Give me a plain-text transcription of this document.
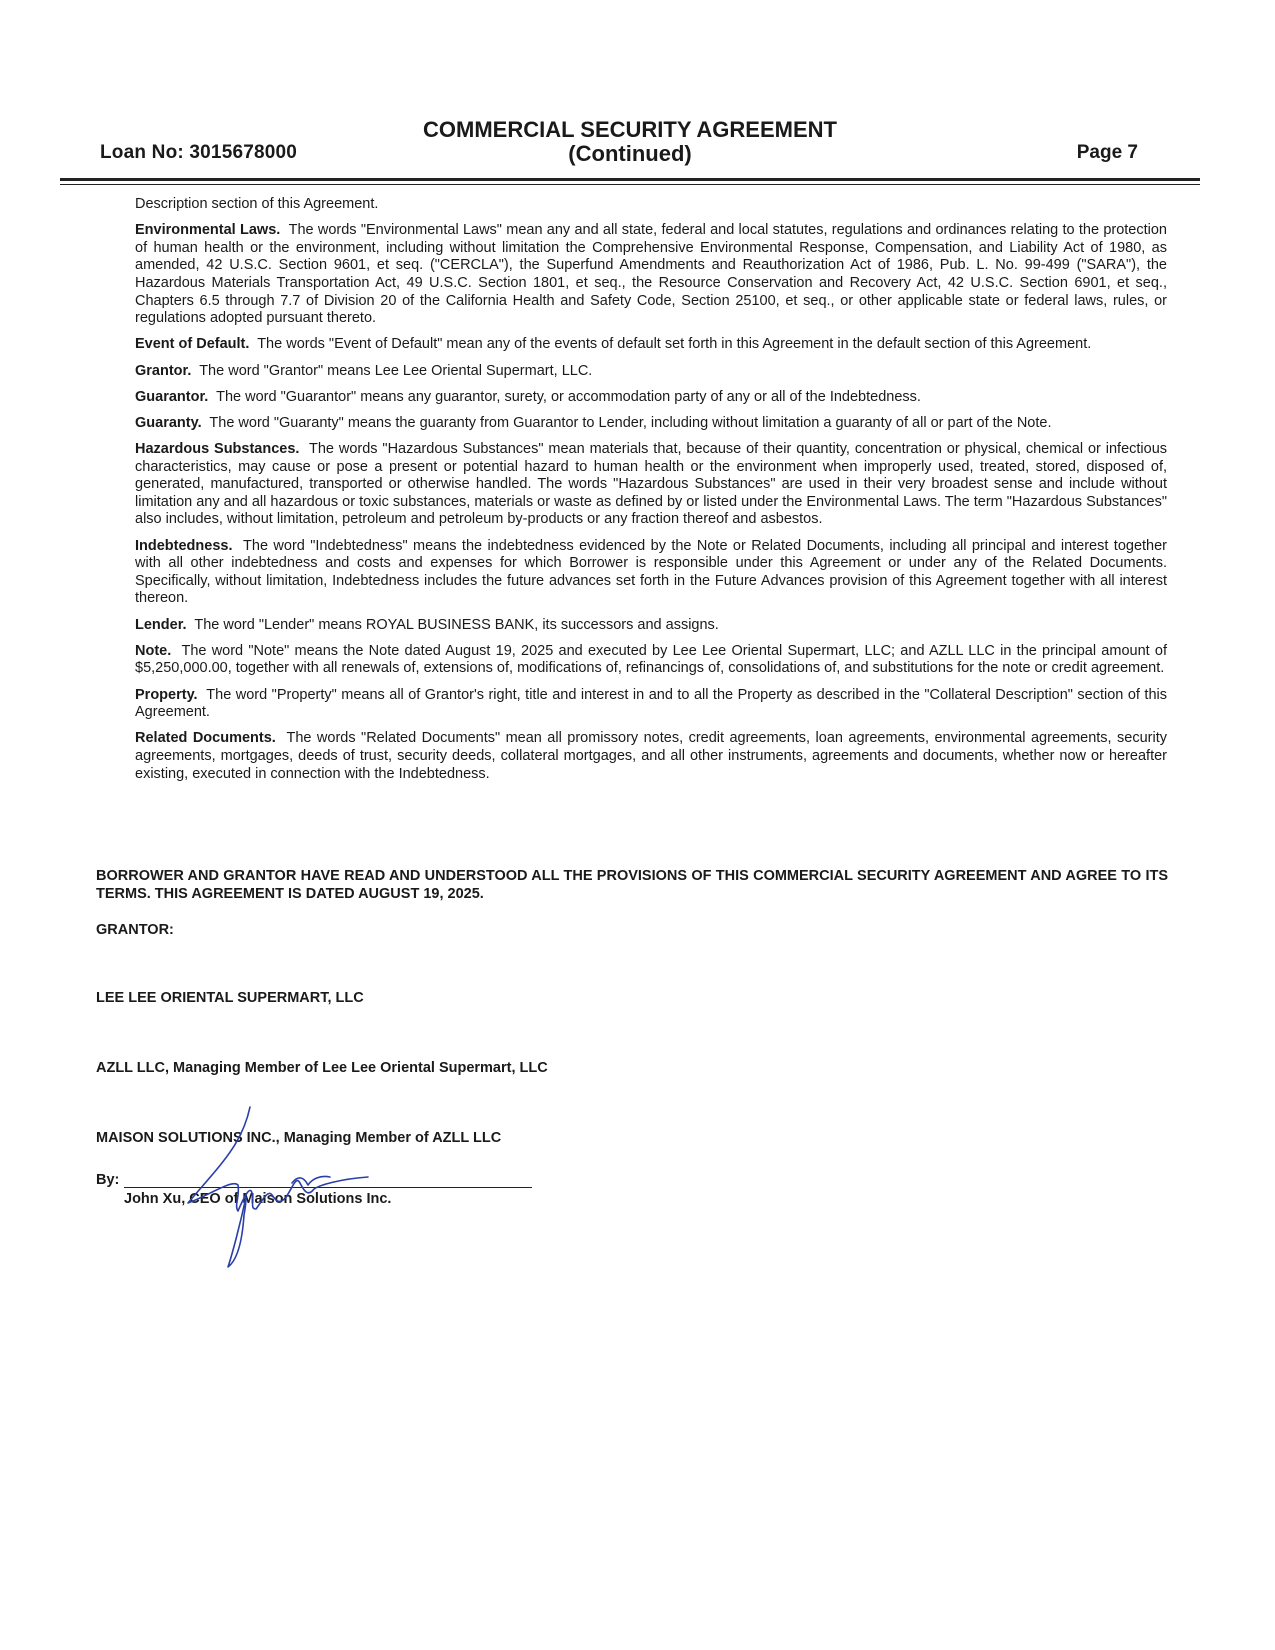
Loan No: 3015678000
COMMERCIAL SECURITY AGREEMENT
(Continued)	Page 7

Description section of this Agreement.

Environmental Laws. The words "Environmental Laws" mean any and all state, federal and local statutes, regulations and ordinances relating to the protection of human health or the environment, including without limitation the Comprehensive Environmental Response, Compensation, and Liability Act of 1980, as amended, 42 U.S.C. Section 9601, et seq. ("CERCLA"), the Superfund Amendments and Reauthorization Act of 1986, Pub. L. No. 99-499 ("SARA"), the Hazardous Materials Transportation Act, 49 U.S.C. Section 1801, et seq., the Resource Conservation and Recovery Act, 42 U.S.C. Section 6901, et seq., Chapters 6.5 through 7.7 of Division 20 of the California Health and Safety Code, Section 25100, et seq., or other applicable state or federal laws, rules, or regulations adopted pursuant thereto.

Event of Default. The words "Event of Default" mean any of the events of default set forth in this Agreement in the default section of this Agreement.

Grantor. The word "Grantor" means Lee Lee Oriental Supermart, LLC.

Guarantor. The word "Guarantor" means any guarantor, surety, or accommodation party of any or all of the Indebtedness.

Guaranty. The word "Guaranty" means the guaranty from Guarantor to Lender, including without limitation a guaranty of all or part of the Note.

Hazardous Substances. The words "Hazardous Substances" mean materials that, because of their quantity, concentration or physical, chemical or infectious characteristics, may cause or pose a present or potential hazard to human health or the environment when improperly used, treated, stored, disposed of, generated, manufactured, transported or otherwise handled. The words "Hazardous Substances" are used in their very broadest sense and include without limitation any and all hazardous or toxic substances, materials or waste as defined by or listed under the Environmental Laws. The term "Hazardous Substances" also includes, without limitation, petroleum and petroleum by-products or any fraction thereof and asbestos.

Indebtedness. The word "Indebtedness" means the indebtedness evidenced by the Note or Related Documents, including all principal and interest together with all other indebtedness and costs and expenses for which Borrower is responsible under this Agreement or under any of the Related Documents. Specifically, without limitation, Indebtedness includes the future advances set forth in the Future Advances provision of this Agreement together with all interest thereon.

Lender. The word "Lender" means ROYAL BUSINESS BANK, its successors and assigns.

Note. The word "Note" means the Note dated August 19, 2025 and executed by Lee Lee Oriental Supermart, LLC; and AZLL LLC in the principal amount of $5,250,000.00, together with all renewals of, extensions of, modifications of, refinancings of, consolidations of, and substitutions for the note or credit agreement.

Property. The word "Property" means all of Grantor's right, title and interest in and to all the Property as described in the "Collateral Description" section of this Agreement.

Related Documents. The words "Related Documents" mean all promissory notes, credit agreements, loan agreements, environmental agreements, security agreements, mortgages, deeds of trust, security deeds, collateral mortgages, and all other instruments, agreements and documents, whether now or hereafter existing, executed in connection with the Indebtedness.

BORROWER AND GRANTOR HAVE READ AND UNDERSTOOD ALL THE PROVISIONS OF THIS COMMERCIAL SECURITY AGREEMENT AND AGREE TO ITS TERMS. THIS AGREEMENT IS DATED AUGUST 19, 2025.
GRANTOR:
LEE LEE ORIENTAL SUPERMART, LLC
AZLL LLC, Managing Member of Lee Lee Oriental Supermart, LLC
MAISON SOLUTIONS INC., Managing Member of AZLL LLC
By:
John Xu, CEO of Maison Solutions Inc.
